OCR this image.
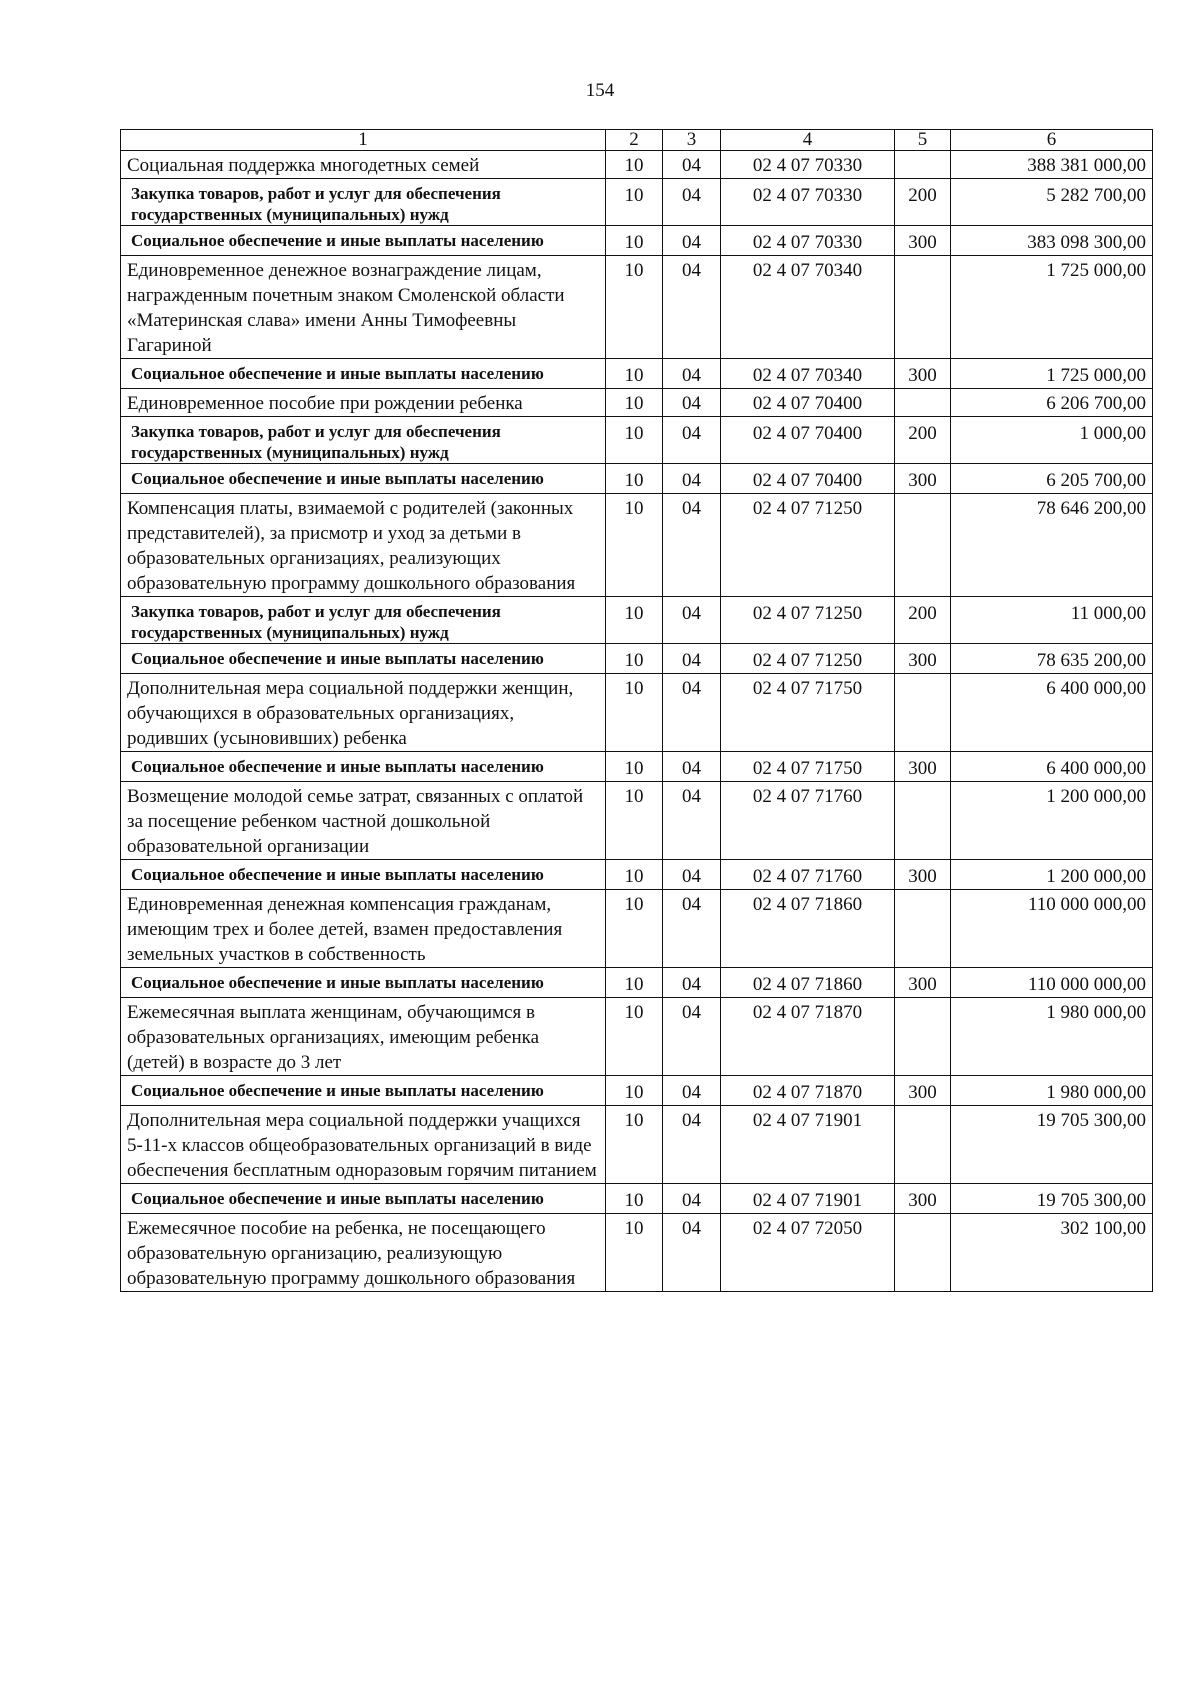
154
1	2	3	4	5	6
Социальная поддержка многодетных семей	10	04	02 4 07 70330		388 381 000,00
Закупка товаров, работ и услуг для обеспечения государственных (муниципальных) нужд	10	04	02 4 07 70330	200	5 282 700,00
Социальное обеспечение и иные выплаты населению	10	04	02 4 07 70330	300	383 098 300,00
Единовременное денежное вознаграждение лицам, награжденным почетным знаком Смоленской области «Материнская слава» имени Анны Тимофеевны Гагариной	10	04	02 4 07 70340		1 725 000,00
Социальное обеспечение и иные выплаты населению	10	04	02 4 07 70340	300	1 725 000,00
Единовременное пособие при рождении ребенка	10	04	02 4 07 70400		6 206 700,00
Закупка товаров, работ и услуг для обеспечения государственных (муниципальных) нужд	10	04	02 4 07 70400	200	1 000,00
Социальное обеспечение и иные выплаты населению	10	04	02 4 07 70400	300	6 205 700,00
Компенсация платы, взимаемой с родителей (законных представителей), за присмотр и уход за детьми в образовательных организациях, реализующих образовательную программу дошкольного образования	10	04	02 4 07 71250		78 646 200,00
Закупка товаров, работ и услуг для обеспечения государственных (муниципальных) нужд	10	04	02 4 07 71250	200	11 000,00
Социальное обеспечение и иные выплаты населению	10	04	02 4 07 71250	300	78 635 200,00
Дополнительная мера социальной поддержки женщин, обучающихся в образовательных организациях, родивших (усыновивших) ребенка	10	04	02 4 07 71750		6 400 000,00
Социальное обеспечение и иные выплаты населению	10	04	02 4 07 71750	300	6 400 000,00
Возмещение молодой семье затрат, связанных с оплатой за посещение ребенком частной дошкольной образовательной организации	10	04	02 4 07 71760		1 200 000,00
Социальное обеспечение и иные выплаты населению	10	04	02 4 07 71760	300	1 200 000,00
Единовременная денежная компенсация гражданам, имеющим трех и более детей, взамен предоставления земельных участков в собственность	10	04	02 4 07 71860		110 000 000,00
Социальное обеспечение и иные выплаты населению	10	04	02 4 07 71860	300	110 000 000,00
Ежемесячная выплата женщинам, обучающимся в образовательных организациях, имеющим ребенка (детей) в возрасте до 3 лет	10	04	02 4 07 71870		1 980 000,00
Социальное обеспечение и иные выплаты населению	10	04	02 4 07 71870	300	1 980 000,00
Дополнительная мера социальной поддержки учащихся 5-11-х классов общеобразовательных организаций в виде обеспечения бесплатным одноразовым горячим питанием	10	04	02 4 07 71901		19 705 300,00
Социальное обеспечение и иные выплаты населению	10	04	02 4 07 71901	300	19 705 300,00
Ежемесячное пособие на ребенка, не посещающего образовательную организацию, реализующую образовательную программу дошкольного образования	10	04	02 4 07 72050		302 100,00
